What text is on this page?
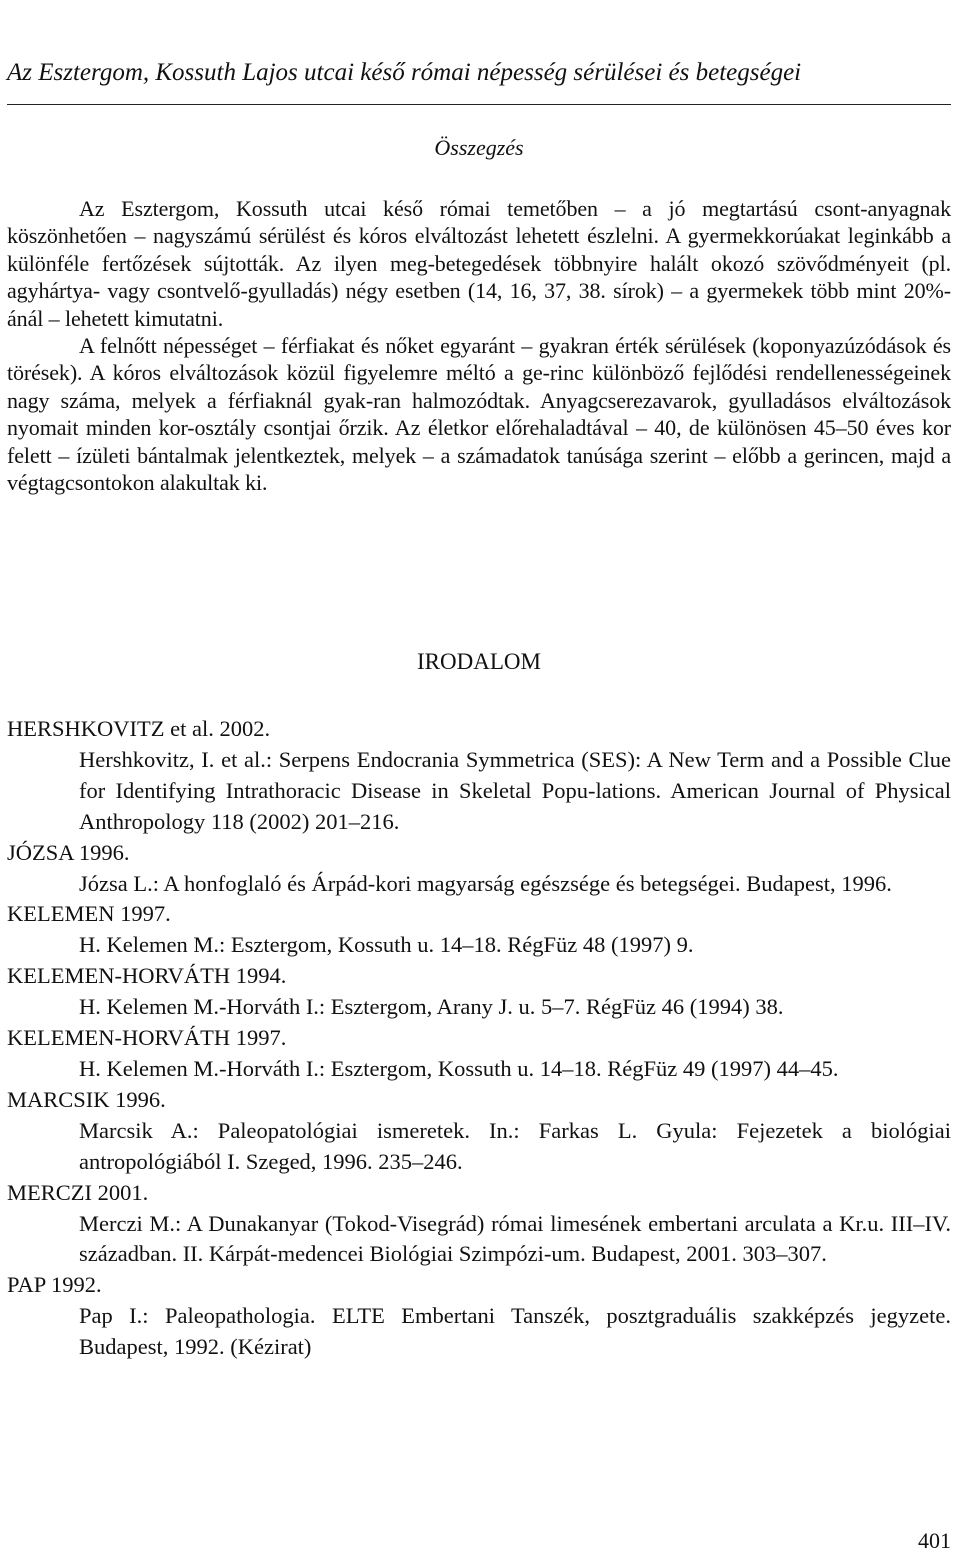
Az Esztergom, Kossuth Lajos utcai késő római népesség sérülései és betegségei
Összegzés

Az Esztergom, Kossuth utcai késő római temetőben – a jó megtartású csont-anyagnak köszönhetően – nagyszámú sérülést és kóros elváltozást lehetett észlelni. A gyermekkorúakat leginkább a különféle fertőzések sújtották. Az ilyen meg-betegedések többnyire halált okozó szövődményeit (pl. agyhártya- vagy csontvelő-gyulladás) négy esetben (14, 16, 37, 38. sírok) – a gyermekek több mint 20%-ánál – lehetett kimutatni.

A felnőtt népességet – férfiakat és nőket egyaránt – gyakran érték sérülések (koponyazúzódások és törések). A kóros elváltozások közül figyelemre méltó a ge-rinc különböző fejlődési rendellenességeinek nagy száma, melyek a férfiaknál gyak-ran halmozódtak. Anyagcserezavarok, gyulladásos elváltozások nyomait minden kor-osztály csontjai őrzik. Az életkor előrehaladtával – 40, de különösen 45–50 éves kor felett – ízületi bántalmak jelentkeztek, melyek – a számadatok tanúsága szerint – előbb a gerincen, majd a végtagcsontokon alakultak ki.

IRODALOM

HERSHKOVITZ et al. 2002.

Hershkovitz, I. et al.: Serpens Endocrania Symmetrica (SES): A New Term and a Possible Clue for Identifying Intrathoracic Disease in Skeletal Popu-lations. American Journal of Physical Anthropology 118 (2002) 201–216.

JÓZSA 1996.

Józsa L.: A honfoglaló és Árpád-kori magyarság egészsége és betegségei. Budapest, 1996.

KELEMEN 1997.

H. Kelemen M.: Esztergom, Kossuth u. 14–18. RégFüz 48 (1997) 9.

KELEMEN-HORVÁTH 1994.

H. Kelemen M.-Horváth I.: Esztergom, Arany J. u. 5–7. RégFüz 46 (1994) 38.

KELEMEN-HORVÁTH 1997.

H. Kelemen M.-Horváth I.: Esztergom, Kossuth u. 14–18. RégFüz 49 (1997) 44–45.

MARCSIK 1996.

Marcsik A.: Paleopatológiai ismeretek. In.: Farkas L. Gyula: Fejezetek a biológiai antropológiából I. Szeged, 1996. 235–246.

MERCZI 2001.

Merczi M.: A Dunakanyar (Tokod-Visegrád) római limesének embertani arculata a Kr.u. III–IV. században. II. Kárpát-medencei Biológiai Szimpózi-um. Budapest, 2001. 303–307.

PAP 1992.

Pap I.: Paleopathologia. ELTE Embertani Tanszék, posztgraduális szakképzés jegyzete. Budapest, 1992. (Kézirat)

401
